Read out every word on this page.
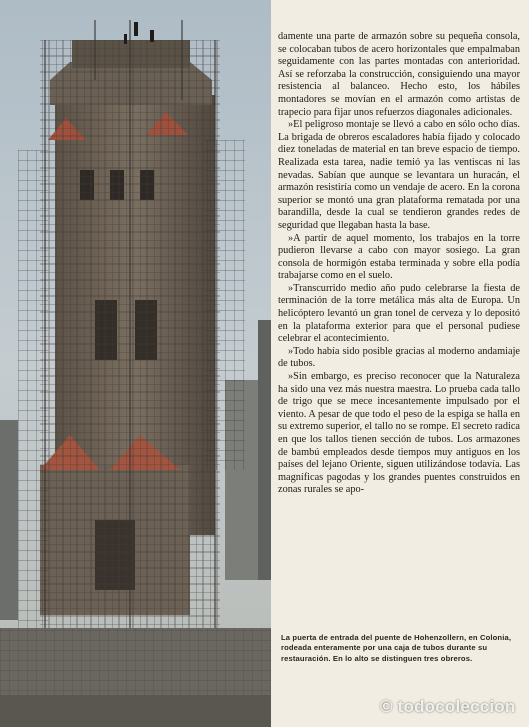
damente una parte de armazón sobre su pequeña consola, se colocaban tubos de acero horizontales que empalmaban seguidamente con las partes montadas con anterioridad. Así se reforzaba la construcción, consiguiendo una mayor resistencia al balanceo. Hecho esto, los hábiles montadores se movían en el armazón como artistas de trapecio para fijar unos refuerzos diagonales adicionales.

»El peligroso montaje se llevó a cabo en sólo ocho días. La brigada de obreros escaladores había fijado y colocado diez toneladas de material en tan breve espacio de tiempo. Realizada esta tarea, nadie temió ya las ventiscas ni las nevadas. Sabían que aunque se levantara un huracán, el armazón resistiría como un vendaje de acero. En la corona superior se montó una gran plataforma rematada por una barandilla, desde la cual se tendieron grandes redes de seguridad que llegaban hasta la base.

»A partir de aquel momento, los trabajos en la torre pudieron llevarse a cabo con mayor sosiego. La gran consola de hormigón estaba terminada y sobre ella podía trabajarse como en el suelo.

»Transcurrido medio año pudo celebrarse la fiesta de terminación de la torre metálica más alta de Europa. Un helicóptero levantó un gran tonel de cerveza y lo depositó en la plataforma exterior para que el personal pudiese celebrar el acontecimiento.

»Todo había sido posible gracias al moderno andamiaje de tubos.

»Sin embargo, es preciso reconocer que la Naturaleza ha sido una vez más nuestra maestra. Lo prueba cada tallo de trigo que se mece incesantemente impulsado por el viento. A pesar de que todo el peso de la espiga se halla en su extremo superior, el tallo no se rompe. El secreto radica en que los tallos tienen sección de tubos. Los armazones de bambú empleados desde tiempos muy antiguos en los países del lejano Oriente, siguen utilizándose todavía. Las magníficas pagodas y los grandes puentes construidos en zonas rurales se apo-

La puerta de entrada del puente de Hohenzollern, en Colonia, rodeada enteramente por una caja de tubos durante su restauración. En lo alto se distinguen tres obreros.
© todocoleccion
